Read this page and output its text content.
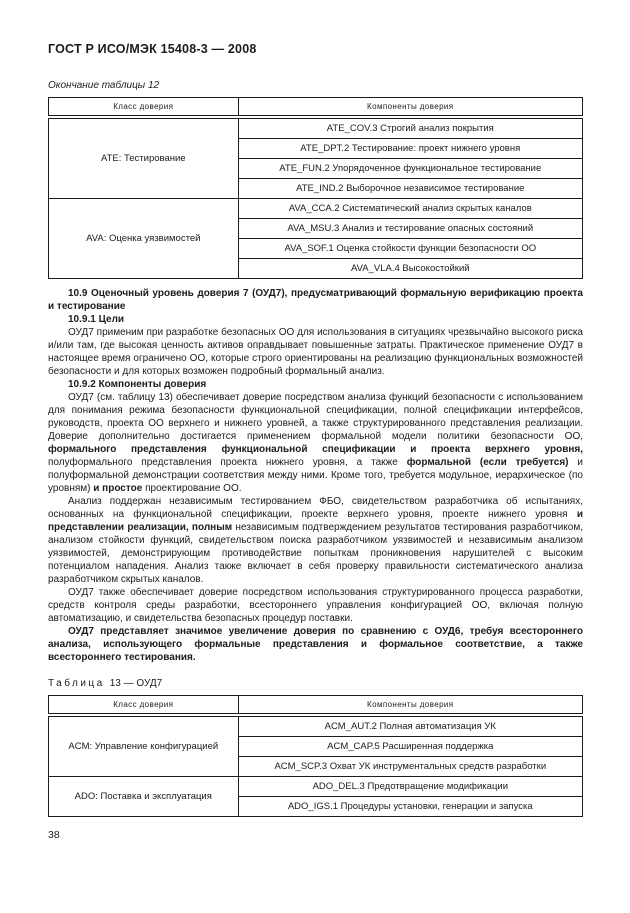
ГОСТ Р ИСО/МЭК 15408-3 — 2008
Окончание таблицы 12
Класс доверия	Компоненты доверия
ATE: Тестирование	ATE_COV.3 Строгий анализ покрытия
	ATE_DPT.2 Тестирование: проект нижнего уровня
	ATE_FUN.2 Упорядоченное функциональное тестирование
	ATE_IND.2 Выборочное независимое тестирование
AVA: Оценка уязвимостей	AVA_CCA.2 Систематический анализ скрытых каналов
	AVA_MSU.3 Анализ и тестирование опасных состояний
	AVA_SOF.1 Оценка стойкости функции безопасности ОО
	AVA_VLA.4 Высокостойкий

10.9 Оценочный уровень доверия 7 (ОУД7), предусматривающий формальную верификацию проекта и тестирование

10.9.1 Цели

ОУД7 применим при разработке безопасных ОО для использования в ситуациях чрезвычайно высокого риска и/или там, где высокая ценность активов оправдывает повышенные затраты. Практическое применение ОУД7 в настоящее время ограничено ОО, которые строго ориентированы на реализацию функциональных возможностей безопасности и для которых возможен подробный формальный анализ.

10.9.2 Компоненты доверия

ОУД7 (см. таблицу 13) обеспечивает доверие посредством анализа функций безопасности с использованием для понимания режима безопасности функциональной спецификации, полной спецификации интерфейсов, руководств, проекта ОО верхнего и нижнего уровней, а также структурированного представления реализации. Доверие дополнительно достигается применением формальной модели политики безопасности ОО, формального представления функциональной спецификации и проекта верхнего уровня, полуформального представления проекта нижнего уровня, а также формальной (если требуется) и полуформальной демонстрации соответствия между ними. Кроме того, требуется модульное, иерархическое (по уровням) и простое проектирование ОО.

Анализ поддержан независимым тестированием ФБО, свидетельством разработчика об испытаниях, основанных на функциональной спецификации, проекте верхнего уровня, проекте нижнего уровня и представлении реализации, полным независимым подтверждением результатов тестирования разработчиком, анализом стойкости функций, свидетельством поиска разработчиком уязвимостей и независимым анализом уязвимостей, демонстрирующим противодействие попыткам проникновения нарушителей с высоким потенциалом нападения. Анализ также включает в себя проверку правильности систематического анализа разработчиком скрытых каналов.

ОУД7 также обеспечивает доверие посредством использования структурированного процесса разработки, средств контроля среды разработки, всестороннего управления конфигурацией ОО, включая полную автоматизацию, и свидетельства безопасных процедур поставки.

ОУД7 представляет значимое увеличение доверия по сравнению с ОУД6, требуя всестороннего анализа, использующего формальные представления и формальное соответствие, а также всестороннего тестирования.

Таблица 13 — ОУД7
Класс доверия	Компоненты доверия
ACM: Управление конфигурацией	ACM_AUT.2 Полная автоматизация УК
	ACM_CAP.5 Расширенная поддержка
	ACM_SCP.3 Охват УК инструментальных средств разработки
ADO: Поставка и эксплуатация	ADO_DEL.3 Предотвращение модификации
	ADO_IGS.1 Процедуры установки, генерации и запуска
38
